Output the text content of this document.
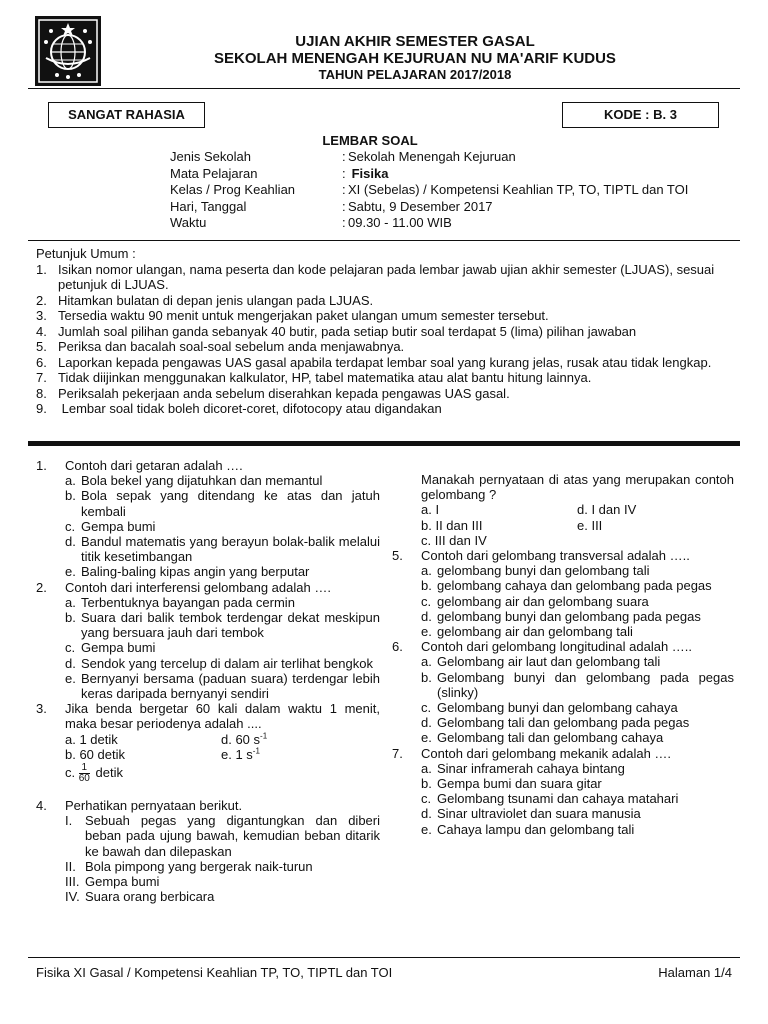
UJIAN AKHIR SEMESTER GASAL
SEKOLAH MENENGAH KEJURUAN NU MA'ARIF KUDUS
TAHUN PELAJARAN 2017/2018
SANGAT RAHASIA	KODE : B. 3
LEMBAR SOAL
Jenis Sekolah	: Sekolah Menengah Kejuruan
Mata Pelajaran	: Fisika
Kelas / Prog Keahlian	: XI (Sebelas) / Kompetensi Keahlian TP, TO, TIPTL dan TOI
Hari, Tanggal	: Sabtu, 9 Desember 2017
Waktu	: 09.30 - 11.00 WIB
Petunjuk Umum :
1. Isikan nomor ulangan, nama peserta dan kode pelajaran pada lembar jawab ujian akhir semester (LJUAS), sesuai petunjuk di LJUAS.
2. Hitamkan bulatan di depan jenis ulangan pada LJUAS.
3. Tersedia waktu 90 menit untuk mengerjakan paket ulangan umum semester tersebut.
4. Jumlah soal pilihan ganda sebanyak 40 butir, pada setiap butir soal terdapat 5 (lima) pilihan jawaban
5. Periksa dan bacalah soal-soal sebelum anda menjawabnya.
6. Laporkan kepada pengawas UAS gasal apabila terdapat lembar soal yang kurang jelas, rusak atau tidak lengkap.
7. Tidak diijinkan menggunakan kalkulator, HP, tabel matematika atau alat bantu hitung lainnya.
8. Periksalah pekerjaan anda sebelum diserahkan kepada pengawas UAS gasal.
9. Lembar soal tidak boleh dicoret-coret, difotocopy atau digandakan
1.	Contoh dari getaran adalah ….
a. Bola bekel yang dijatuhkan dan memantul
b. Bola sepak yang ditendang ke atas dan jatuh kembali
c. Gempa bumi
d. Bandul matematis yang berayun bolak-balik melalui titik kesetimbangan
e. Baling-baling kipas angin yang berputar
2.	Contoh dari interferensi gelombang adalah ….
a. Terbentuknya bayangan pada cermin
b. Suara dari balik tembok terdengar dekat meskipun yang bersuara jauh dari tembok
c. Gempa bumi
d. Sendok yang tercelup di dalam air terlihat bengkok
e. Bernyanyi bersama (paduan suara) terdengar lebih keras daripada bernyanyi sendiri
3.	Jika benda bergetar 60 kali dalam waktu 1 menit, maka besar periodenya adalah ....
a. 1 detik	d. 60 $s^{-1}$
b. 60 detik	e. 1 $s^{-1}$
c. $\frac{1}{60}$ detik
4.	Perhatikan pernyataan berikut.
I. Sebuah pegas yang digantungkan dan diberi beban pada ujung bawah, kemudian beban ditarik ke bawah dan dilepaskan
II. Bola pimpong yang bergerak naik-turun
III. Gempa bumi
IV. Suara orang berbicara
Manakah pernyataan di atas yang merupakan contoh gelombang ?
a. I	d. I dan IV
b. II dan III	e. III
c. III dan IV
5.	Contoh dari gelombang transversal adalah …..
a. gelombang bunyi dan gelombang tali
b. gelombang cahaya dan gelombang pada pegas
c. gelombang air dan gelombang suara
d. gelombang bunyi dan gelombang pada pegas
e. gelombang air dan gelombang tali
6.	Contoh dari gelombang longitudinal adalah …..
a. Gelombang air laut dan gelombang tali
b. Gelombang bunyi dan gelombang pada pegas (slinky)
c. Gelombang bunyi dan gelombang cahaya
d. Gelombang tali dan gelombang pada pegas
e. Gelombang tali dan gelombang cahaya
7.	Contoh dari gelombang mekanik adalah ….
a. Sinar inframerah cahaya bintang
b. Gempa bumi dan suara gitar
c. Gelombang tsunami dan cahaya matahari
d. Sinar ultraviolet dan suara manusia
e. Cahaya lampu dan gelombang tali
Fisika XI Gasal / Kompetensi Keahlian TP, TO, TIPTL dan TOI	Halaman 1/4
